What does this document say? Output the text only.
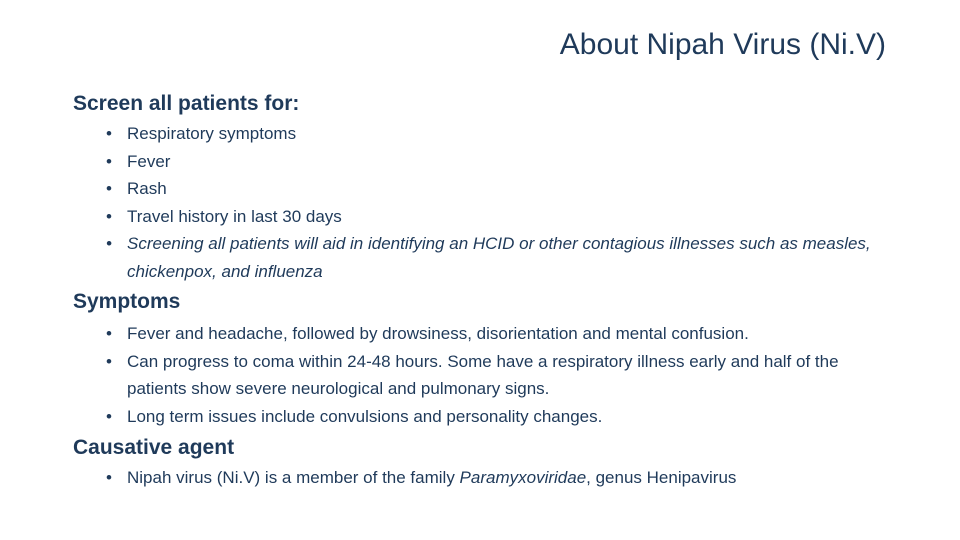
About Nipah Virus (Ni.V)
Screen all patients for:
• Respiratory symptoms
• Fever
• Rash
• Travel history in last 30 days
• Screening all patients will aid in identifying an HCID or other contagious illnesses such as measles, chickenpox, and influenza
Symptoms
• Fever and headache, followed by drowsiness, disorientation and mental confusion.
• Can progress to coma within 24-48 hours. Some have a respiratory illness early and half of the patients show severe neurological and pulmonary signs.
• Long term issues include convulsions and personality changes.
Causative agent
• Nipah virus (Ni.V) is a member of the family Paramyxoviridae, genus Henipavirus
